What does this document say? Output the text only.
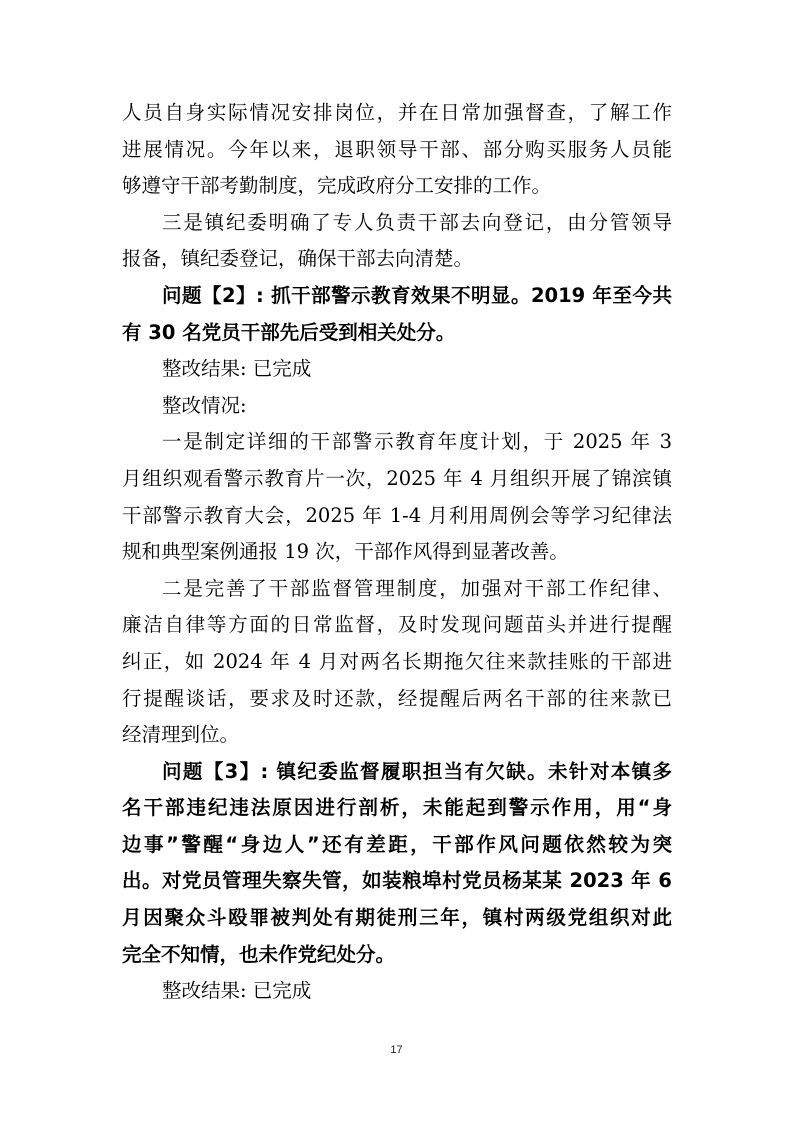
人员自身实际情况安排岗位，并在日常加强督查，了解工作
进展情况。今年以来，退职领导干部、部分购买服务人员能
够遵守干部考勤制度，完成政府分工安排的工作。
三是镇纪委明确了专人负责干部去向登记，由分管领导
报备，镇纪委登记，确保干部去向清楚。
问题【2】: 抓干部警示教育效果不明显。2019 年至今共
有 30 名党员干部先后受到相关处分。
整改结果: 已完成
整改情况:
一是制定详细的干部警示教育年度计划，于 2025 年 3
月组织观看警示教育片一次，2025 年 4 月组织开展了锦滨镇
干部警示教育大会，2025 年 1-4 月利用周例会等学习纪律法
规和典型案例通报 19 次，干部作风得到显著改善。
二是完善了干部监督管理制度，加强对干部工作纪律、
廉洁自律等方面的日常监督，及时发现问题苗头并进行提醒
纠正，如 2024 年 4 月对两名长期拖欠往来款挂账的干部进
行提醒谈话，要求及时还款，经提醒后两名干部的往来款已
经清理到位。
问题【3】: 镇纪委监督履职担当有欠缺。未针对本镇多
名干部违纪违法原因进行剖析，未能起到警示作用，用“身
边事”警醒“身边人”还有差距，干部作风问题依然较为突
出。对党员管理失察失管，如装粮埠村党员杨某某 2023 年 6
月因聚众斗殴罪被判处有期徒刑三年，镇村两级党组织对此
完全不知情，也未作党纪处分。
整改结果: 已完成
17
